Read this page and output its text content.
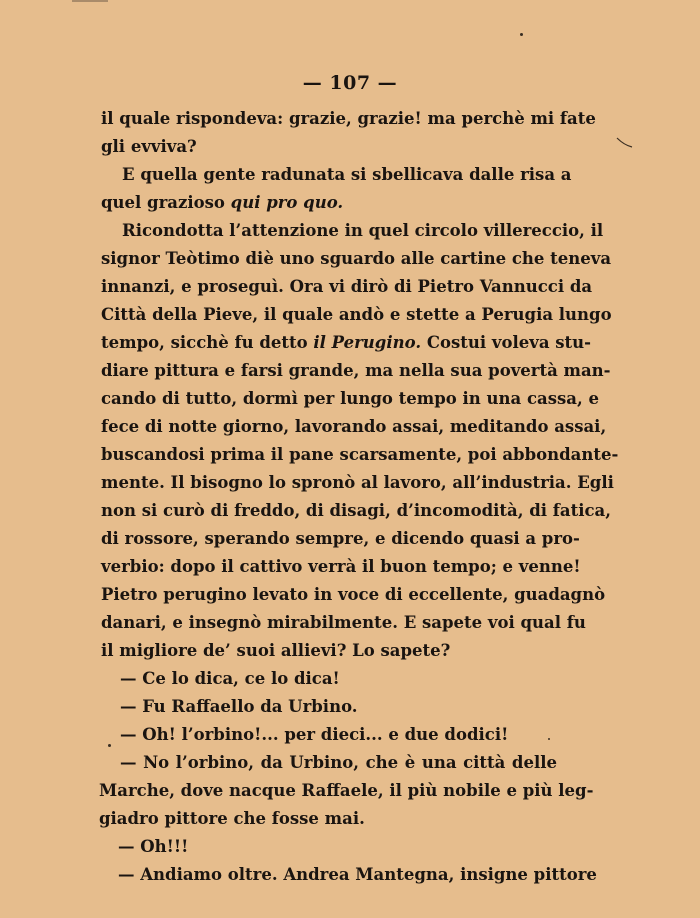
— 107 —
il quale rispondeva: grazie, grazie! ma perchè mi fate
gli evviva?
E quella gente radunata si sbellicava dalle risa a
quel grazioso qui pro quo.
Ricondotta l’attenzione in quel circolo villereccio, il
signor Teòtimo diè uno sguardo alle cartine che teneva
innanzi, e proseguì. Ora vi dirò di Pietro Vannucci da
Città della Pieve, il quale andò e stette a Perugia lungo
tempo, sicchè fu detto il Perugino. Costui voleva stu-
diare pittura e farsi grande, ma nella sua povertà man-
cando di tutto, dormì per lungo tempo in una cassa, e
fece di notte giorno, lavorando assai, meditando assai,
buscandosi prima il pane scarsamente, poi abbondante-
mente. Il bisogno lo spronò al lavoro, all’industria. Egli
non si curò di freddo, di disagi, d’incomodità, di fatica,
di rossore, sperando sempre, e dicendo quasi a pro-
verbio: dopo il cattivo verrà il buon tempo; e venne!
Pietro perugino levato in voce di eccellente, guadagnò
danari, e insegnò mirabilmente. E sapete voi qual fu
il migliore de’ suoi allievi? Lo sapete?
— Ce lo dica, ce lo dica!
— Fu Raffaello da Urbino.
— Oh! l’orbino!... per dieci... e due dodici!
— No l’orbino, da Urbino, che è una città delle
Marche, dove nacque Raffaele, il più nobile e più leg-
giadro pittore che fosse mai.
— Oh!!!
— Andiamo oltre. Andrea Mantegna, insigne pittore
